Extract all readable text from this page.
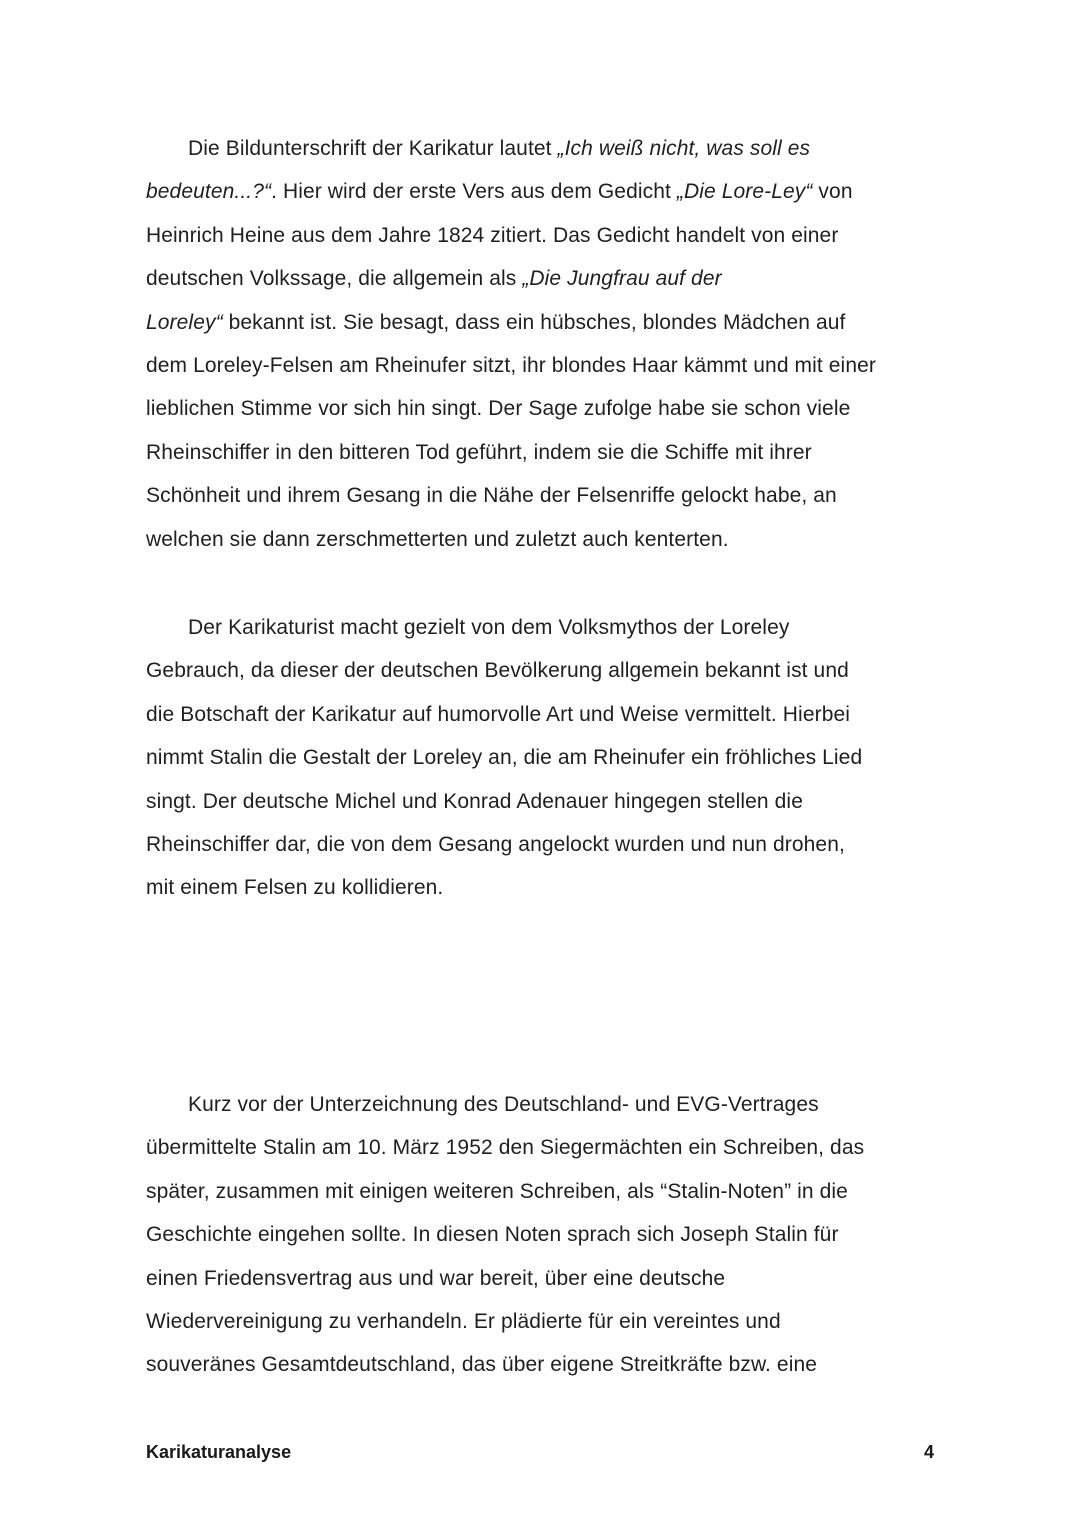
Die Bildunterschrift der Karikatur lautet „Ich weiß nicht, was soll es
bedeuten...?“. Hier wird der erste Vers aus dem Gedicht „Die Lore-Ley“ von
Heinrich Heine aus dem Jahre 1824 zitiert. Das Gedicht handelt von einer
deutschen Volkssage, die allgemein als „Die Jungfrau auf der
Loreley“ bekannt ist. Sie besagt, dass ein hübsches, blondes Mädchen auf
dem Loreley-Felsen am Rheinufer sitzt, ihr blondes Haar kämmt und mit einer
lieblichen Stimme vor sich hin singt. Der Sage zufolge habe sie schon viele
Rheinschiffer in den bitteren Tod geführt, indem sie die Schiffe mit ihrer
Schönheit und ihrem Gesang in die Nähe der Felsenriffe gelockt habe, an
welchen sie dann zerschmetterten und zuletzt auch kenterten.
Der Karikaturist macht gezielt von dem Volksmythos der Loreley
Gebrauch, da dieser der deutschen Bevölkerung allgemein bekannt ist und
die Botschaft der Karikatur auf humorvolle Art und Weise vermittelt. Hierbei
nimmt Stalin die Gestalt der Loreley an, die am Rheinufer ein fröhliches Lied
singt. Der deutsche Michel und Konrad Adenauer hingegen stellen die
Rheinschiffer dar, die von dem Gesang angelockt wurden und nun drohen,
mit einem Felsen zu kollidieren.
Kurz vor der Unterzeichnung des Deutschland- und EVG-Vertrages
übermittelte Stalin am 10. März 1952 den Siegermächten ein Schreiben, das
später, zusammen mit einigen weiteren Schreiben, als “Stalin-Noten” in die
Geschichte eingehen sollte. In diesen Noten sprach sich Joseph Stalin für
einen Friedensvertrag aus und war bereit, über eine deutsche
Wiedervereinigung zu verhandeln. Er plädierte für ein vereintes und
souveränes Gesamtdeutschland, das über eigene Streitkräfte bzw. eine
Karikaturanalyse	4
